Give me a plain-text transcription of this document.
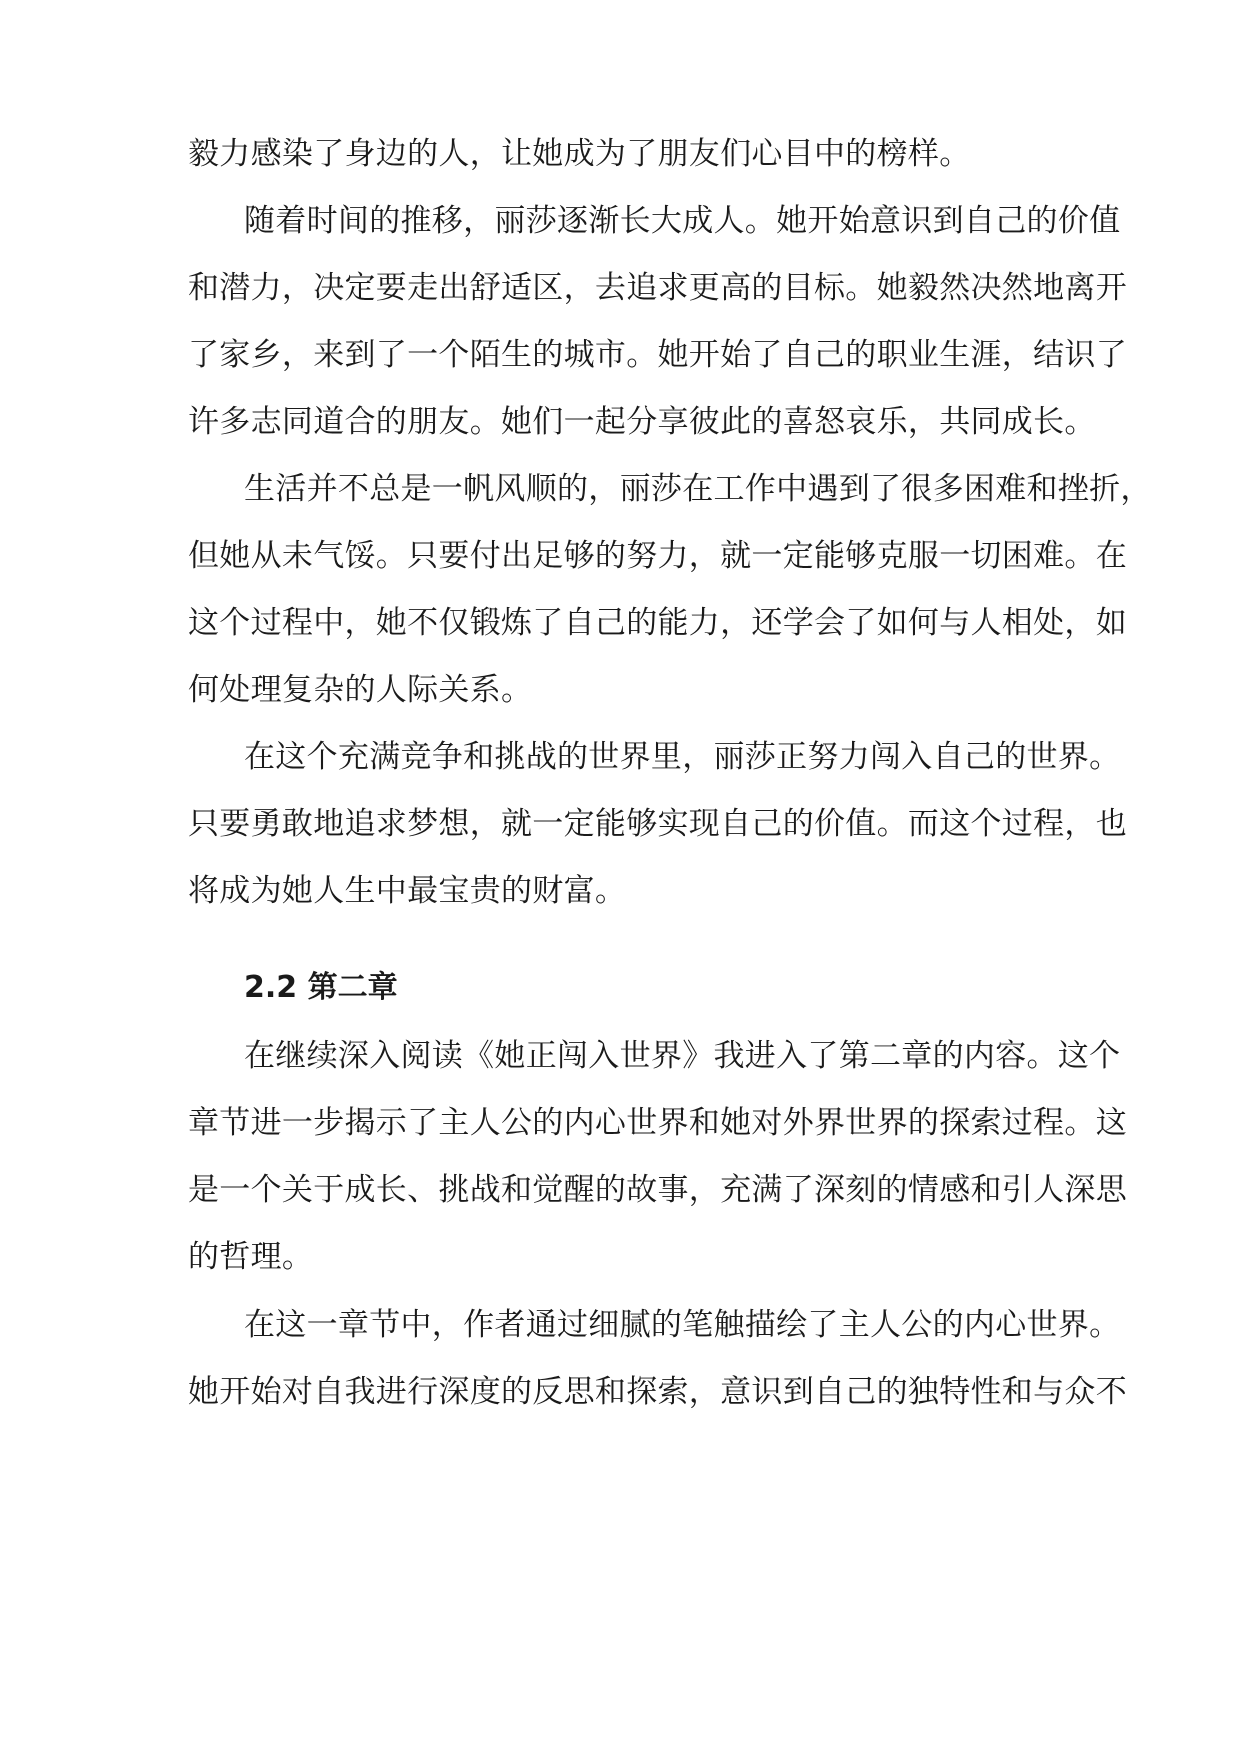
毅力感染了身边的人，让她成为了朋友们心目中的榜样。
随着时间的推移，丽莎逐渐长大成人。她开始意识到自己的价值
和潜力，决定要走出舒适区，去追求更高的目标。她毅然决然地离开
了家乡，来到了一个陌生的城市。她开始了自己的职业生涯，结识了
许多志同道合的朋友。她们一起分享彼此的喜怒哀乐，共同成长。
生活并不总是一帆风顺的，丽莎在工作中遇到了很多困难和挫折，
但她从未气馁。只要付出足够的努力，就一定能够克服一切困难。在
这个过程中，她不仅锻炼了自己的能力，还学会了如何与人相处，如
何处理复杂的人际关系。
在这个充满竞争和挑战的世界里，丽莎正努力闯入自己的世界。
只要勇敢地追求梦想，就一定能够实现自己的价值。而这个过程，也
将成为她人生中最宝贵的财富。
2.2 第二章
在继续深入阅读《她正闯入世界》我进入了第二章的内容。这个
章节进一步揭示了主人公的内心世界和她对外界世界的探索过程。这
是一个关于成长、挑战和觉醒的故事，充满了深刻的情感和引人深思
的哲理。
在这一章节中，作者通过细腻的笔触描绘了主人公的内心世界。
她开始对自我进行深度的反思和探索，意识到自己的独特性和与众不
